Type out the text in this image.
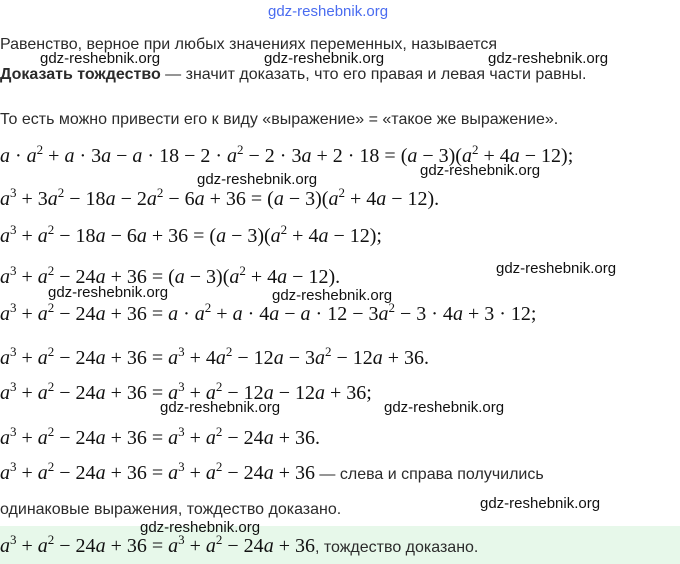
gdz-reshebnik.org
Равенство, верное при любых значениях переменных, называется
Доказать тождество — значит доказать, что его правая и левая части равны.
То есть можно привести его к виду «выражение» = «такое же выражение».
$a \cdot a^2 + a \cdot 3a - a \cdot 18 - 2 \cdot a^2 - 2 \cdot 3a + 2 \cdot 18 = (a - 3)(a^2 + 4a - 12)$;
$a^3 + 3a^2 - 18a - 2a^2 - 6a + 36 = (a - 3)(a^2 + 4a - 12)$.
$a^3 + a^2 - 18a - 6a + 36 = (a - 3)(a^2 + 4a - 12)$;
$a^3 + a^2 - 24a + 36 = (a - 3)(a^2 + 4a - 12)$.
$a^3 + a^2 - 24a + 36 = a \cdot a^2 + a \cdot 4a - a \cdot 12 - 3a^2 - 3 \cdot 4a + 3 \cdot 12$;
$a^3 + a^2 - 24a + 36 = a^3 + 4a^2 - 12a - 3a^2 - 12a + 36$.
$a^3 + a^2 - 24a + 36 = a^3 + a^2 - 12a - 12a + 36$;
$a^3 + a^2 - 24a + 36 = a^3 + a^2 - 24a + 36$.
$a^3 + a^2 - 24a + 36 = a^3 + a^2 - 24a + 36$ — слева и справа получились
одинаковые выражения, тождество доказано.
$a^3 + a^2 - 24a + 36 = a^3 + a^2 - 24a + 36$, тождество доказано.
gdz-reshebnik.org	gdz-reshebnik.org	gdz-reshebnik.org
gdz-reshebnik.org
gdz-reshebnik.org
gdz-reshebnik.org
gdz-reshebnik.org	gdz-reshebnik.org
gdz-reshebnik.org	gdz-reshebnik.org
gdz-reshebnik.org
gdz-reshebnik.org
